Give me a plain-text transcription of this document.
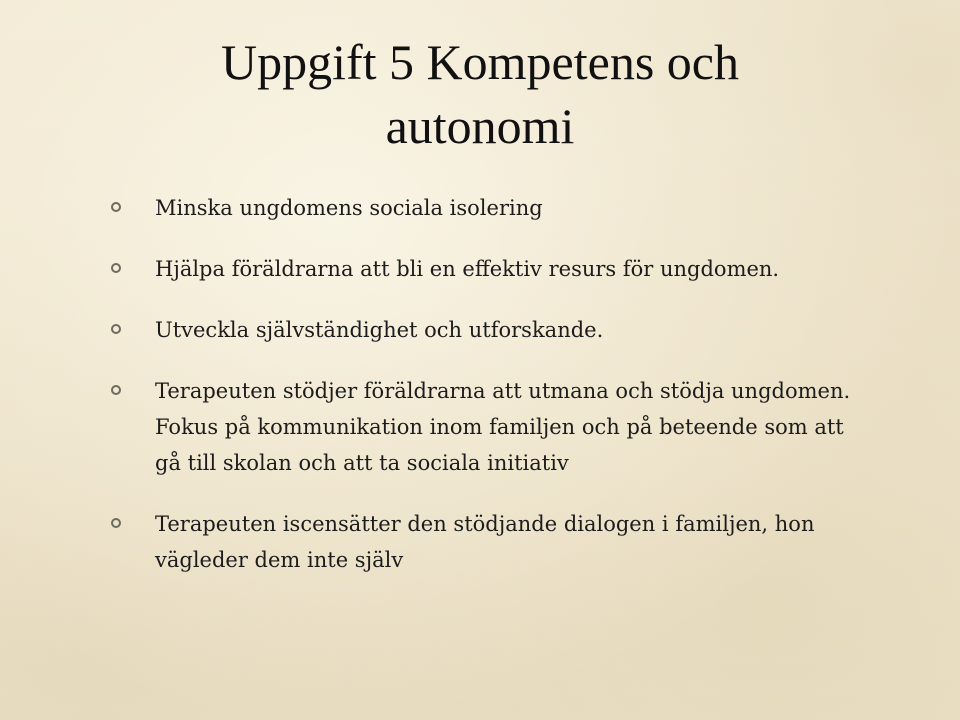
Uppgift 5 Kompetens och autonomi
Minska ungdomens sociala isolering
Hjälpa föräldrarna att bli en effektiv resurs för ungdomen.
Utveckla självständighet och utforskande.
Terapeuten stödjer föräldrarna att utmana och stödja ungdomen. Fokus på kommunikation inom familjen och på beteende som att gå till skolan och att ta sociala initiativ
Terapeuten iscensätter den stödjande dialogen i familjen, hon vägleder dem inte själv
